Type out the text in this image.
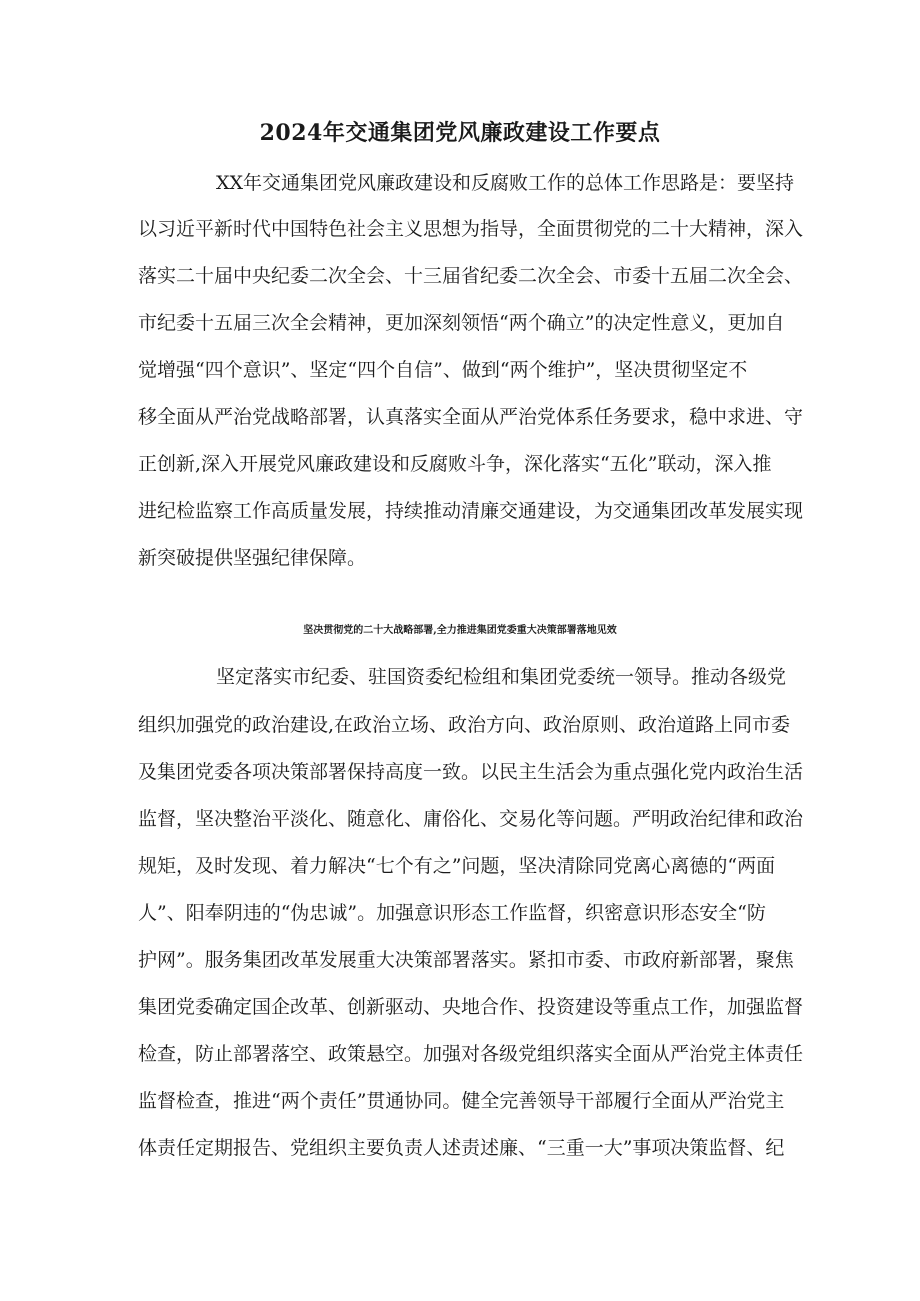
2024年交通集团党风廉政建设工作要点

XX年交通集团党风廉政建设和反腐败工作的总体工作思路是：要坚持

以习近平新时代中国特色社会主义思想为指导，全面贯彻党的二十大精神，深入

落实二十届中央纪委二次全会、十三届省纪委二次全会、市委十五届二次全会、

市纪委十五届三次全会精神，更加深刻领悟“两个确立”的决定性意义，更加自

觉增强“四个意识”、坚定“四个自信”、做到“两个维护”，坚决贯彻坚定不

移全面从严治党战略部署，认真落实全面从严治党体系任务要求，稳中求进、守

正创新,深入开展党风廉政建设和反腐败斗争，深化落实“五化”联动，深入推

进纪检监察工作高质量发展，持续推动清廉交通建设，为交通集团改革发展实现

新突破提供坚强纪律保障。

坚决贯彻党的二十大战略部署,全力推进集团党委重大决策部署落地见效

坚定落实市纪委、驻国资委纪检组和集团党委统一领导。推动各级党

组织加强党的政治建设,在政治立场、政治方向、政治原则、政治道路上同市委

及集团党委各项决策部署保持高度一致。以民主生活会为重点强化党内政治生活

监督，坚决整治平淡化、随意化、庸俗化、交易化等问题。严明政治纪律和政治

规矩，及时发现、着力解决“七个有之”问题，坚决清除同党离心离德的“两面

人”、阳奉阴违的“伪忠诚”。加强意识形态工作监督，织密意识形态安全“防

护网”。服务集团改革发展重大决策部署落实。紧扣市委、市政府新部署，聚焦

集团党委确定国企改革、创新驱动、央地合作、投资建设等重点工作，加强监督

检查，防止部署落空、政策悬空。加强对各级党组织落实全面从严治党主体责任

监督检查，推进“两个责任”贯通协同。健全完善领导干部履行全面从严治党主

体责任定期报告、党组织主要负责人述责述廉、“三重一大”事项决策监督、纪
